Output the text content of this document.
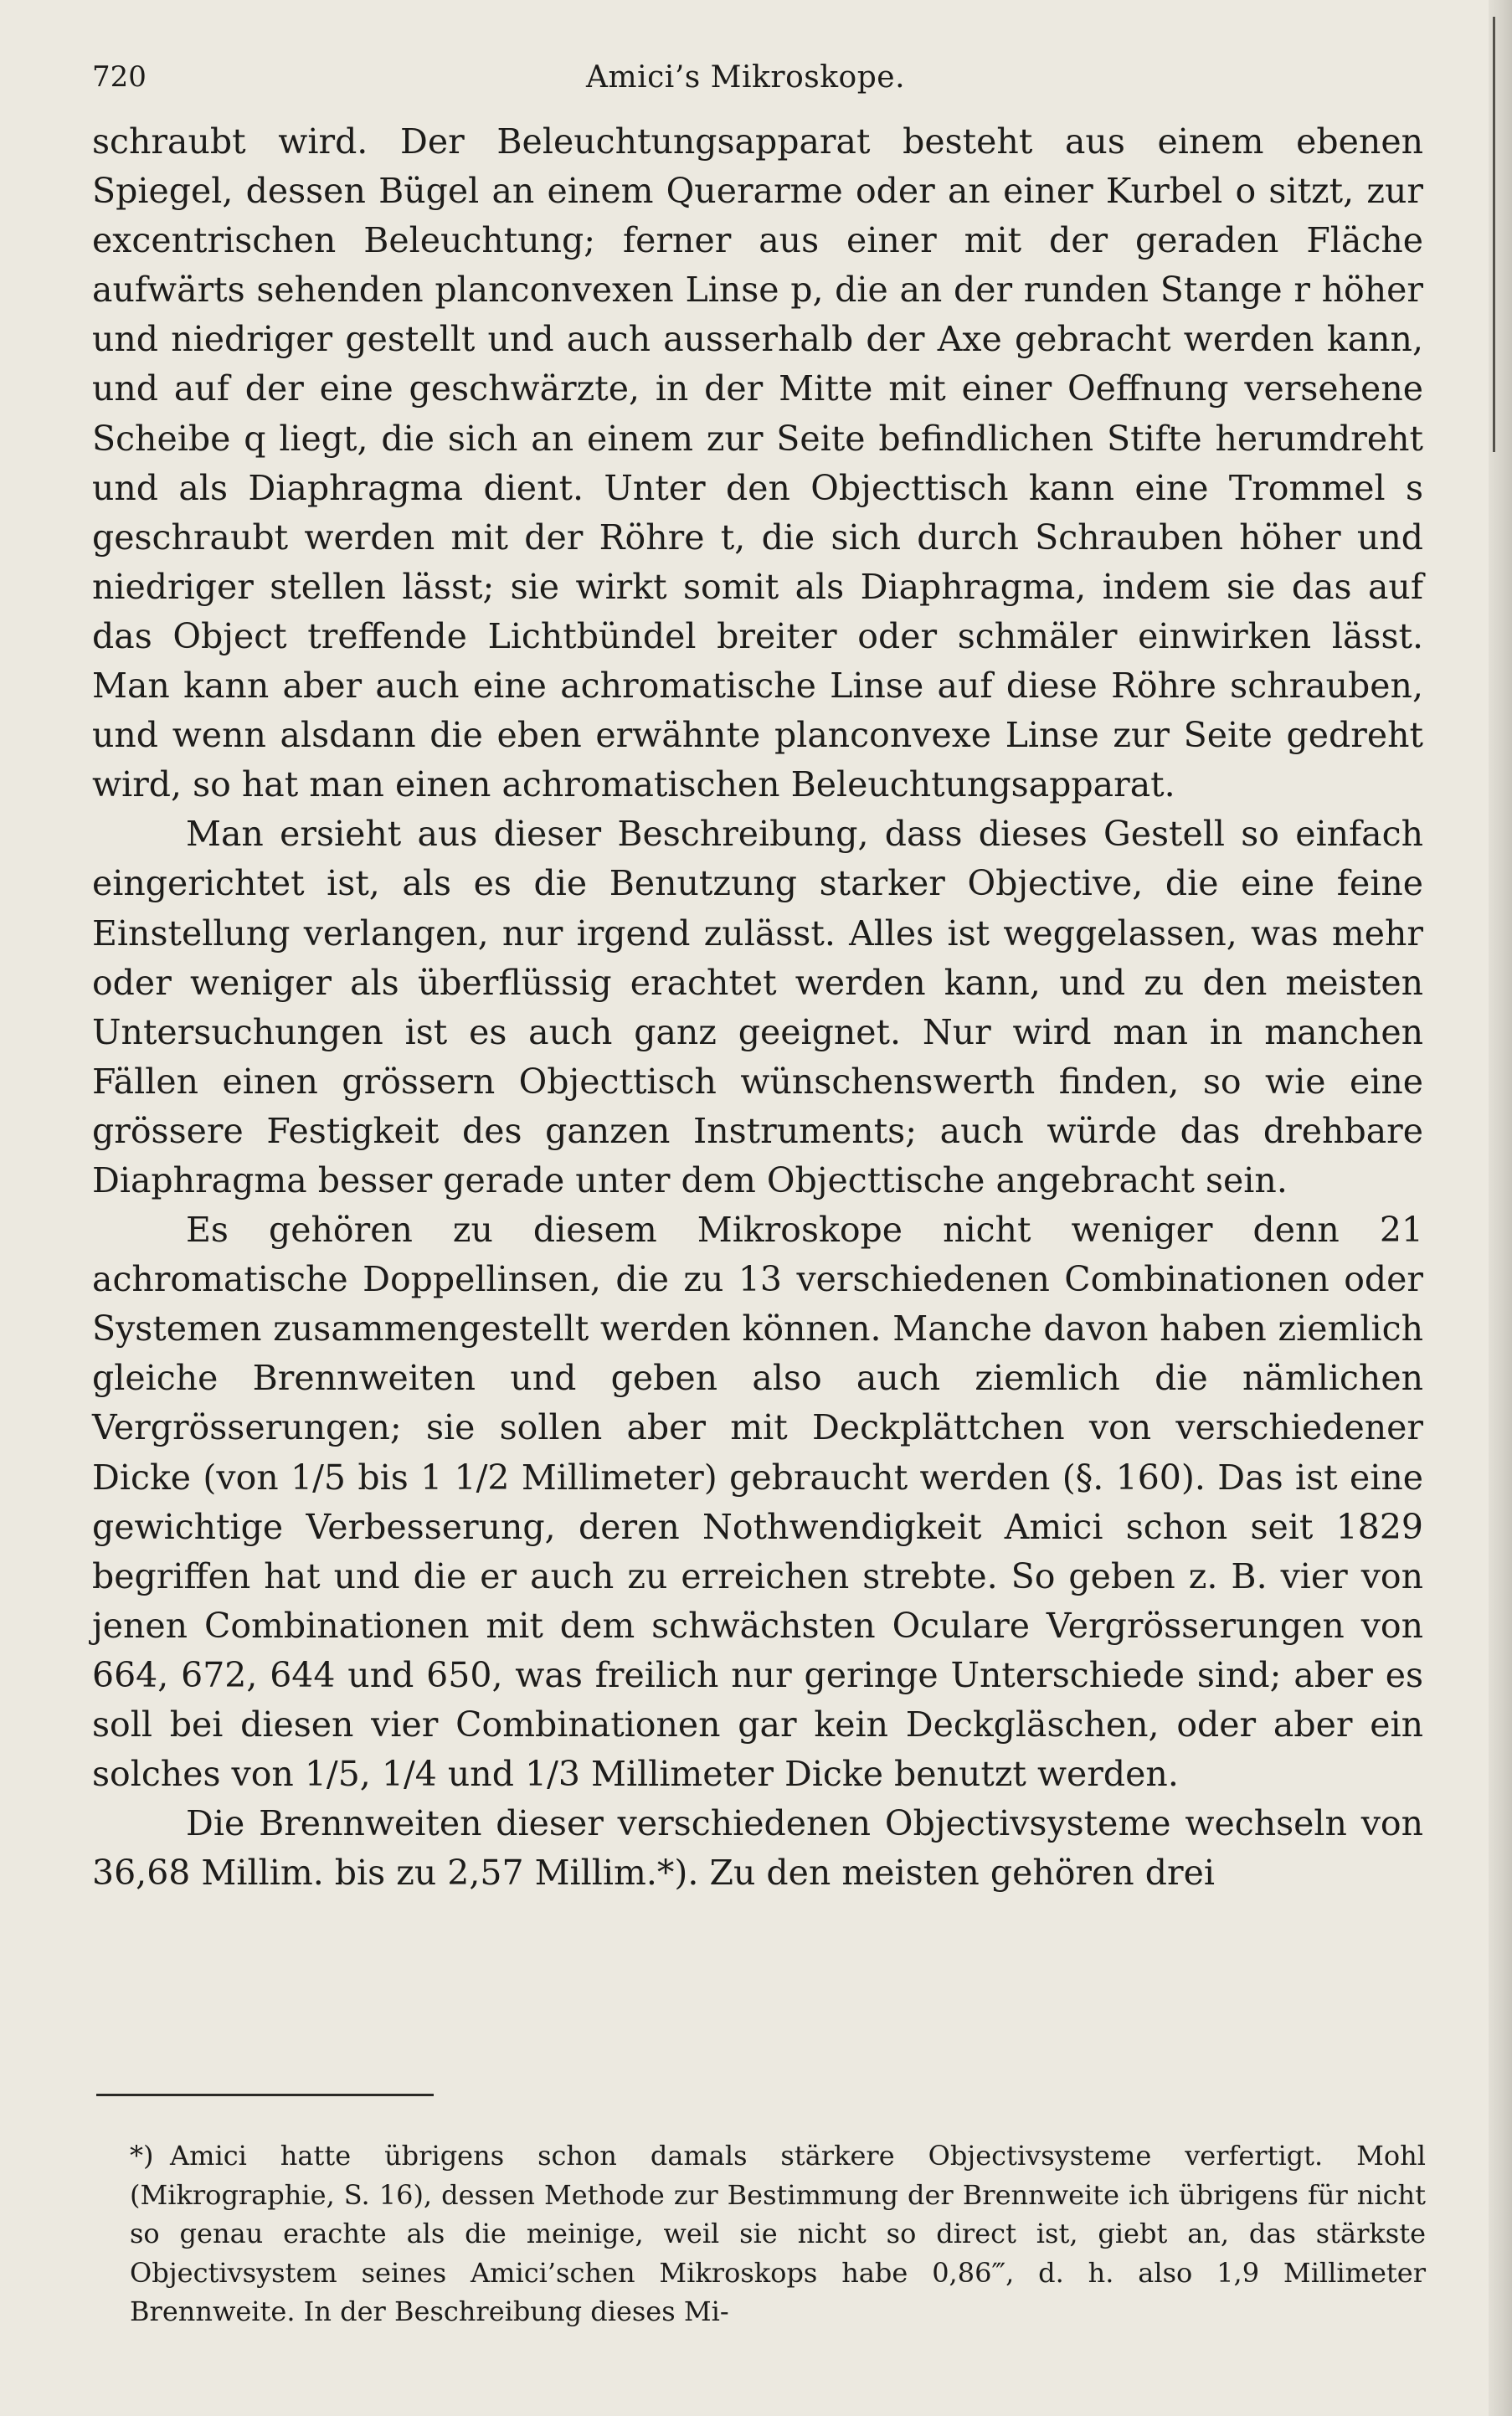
720	Amici’s Mikroskope.

schraubt wird. Der Beleuchtungsapparat besteht aus einem ebenen Spiegel, dessen Bügel an einem Querarme oder an einer Kurbel o sitzt, zur excentrischen Beleuchtung; ferner aus einer mit der geraden Fläche aufwärts sehenden planconvexen Linse p, die an der runden Stange r höher und niedriger gestellt und auch ausserhalb der Axe gebracht werden kann, und auf der eine geschwärzte, in der Mitte mit einer Oeffnung versehene Scheibe q liegt, die sich an einem zur Seite befindlichen Stifte herumdreht und als Diaphragma dient. Unter den Objecttisch kann eine Trommel s geschraubt werden mit der Röhre t, die sich durch Schrauben höher und niedriger stellen lässt; sie wirkt somit als Diaphragma, indem sie das auf das Object treffende Lichtbündel breiter oder schmäler einwirken lässt. Man kann aber auch eine achromatische Linse auf diese Röhre schrauben, und wenn alsdann die eben erwähnte planconvexe Linse zur Seite gedreht wird, so hat man einen achromatischen Beleuchtungsapparat.

Man ersieht aus dieser Beschreibung, dass dieses Gestell so einfach eingerichtet ist, als es die Benutzung starker Objective, die eine feine Einstellung verlangen, nur irgend zulässt. Alles ist weggelassen, was mehr oder weniger als überflüssig erachtet werden kann, und zu den meisten Untersuchungen ist es auch ganz geeignet. Nur wird man in manchen Fällen einen grössern Objecttisch wünschenswerth finden, so wie eine grössere Festigkeit des ganzen Instruments; auch würde das drehbare Diaphragma besser gerade unter dem Objecttische angebracht sein.

Es gehören zu diesem Mikroskope nicht weniger denn 21 achromatische Doppellinsen, die zu 13 verschiedenen Combinationen oder Systemen zusammengestellt werden können. Manche davon haben ziemlich gleiche Brennweiten und geben also auch ziemlich die nämlichen Vergrösserungen; sie sollen aber mit Deckplättchen von verschiedener Dicke (von 1/5 bis 1 1/2 Millimeter) gebraucht werden (§. 160). Das ist eine gewichtige Verbesserung, deren Nothwendigkeit Amici schon seit 1829 begriffen hat und die er auch zu erreichen strebte. So geben z. B. vier von jenen Combinationen mit dem schwächsten Oculare Vergrösserungen von 664, 672, 644 und 650, was freilich nur geringe Unterschiede sind; aber es soll bei diesen vier Combinationen gar kein Deckgläschen, oder aber ein solches von 1/5, 1/4 und 1/3 Millimeter Dicke benutzt werden.

Die Brennweiten dieser verschiedenen Objectivsysteme wechseln von 36,68 Millim. bis zu 2,57 Millim.*). Zu den meisten gehören drei

*) Amici hatte übrigens schon damals stärkere Objectivsysteme verfertigt. Mohl (Mikrographie, S. 16), dessen Methode zur Bestimmung der Brennweite ich übrigens für nicht so genau erachte als die meinige, weil sie nicht so direct ist, giebt an, das stärkste Objectivsystem seines Amici’schen Mikroskops habe 0,86‴, d. h. also 1,9 Millimeter Brennweite. In der Beschreibung dieses Mi-
